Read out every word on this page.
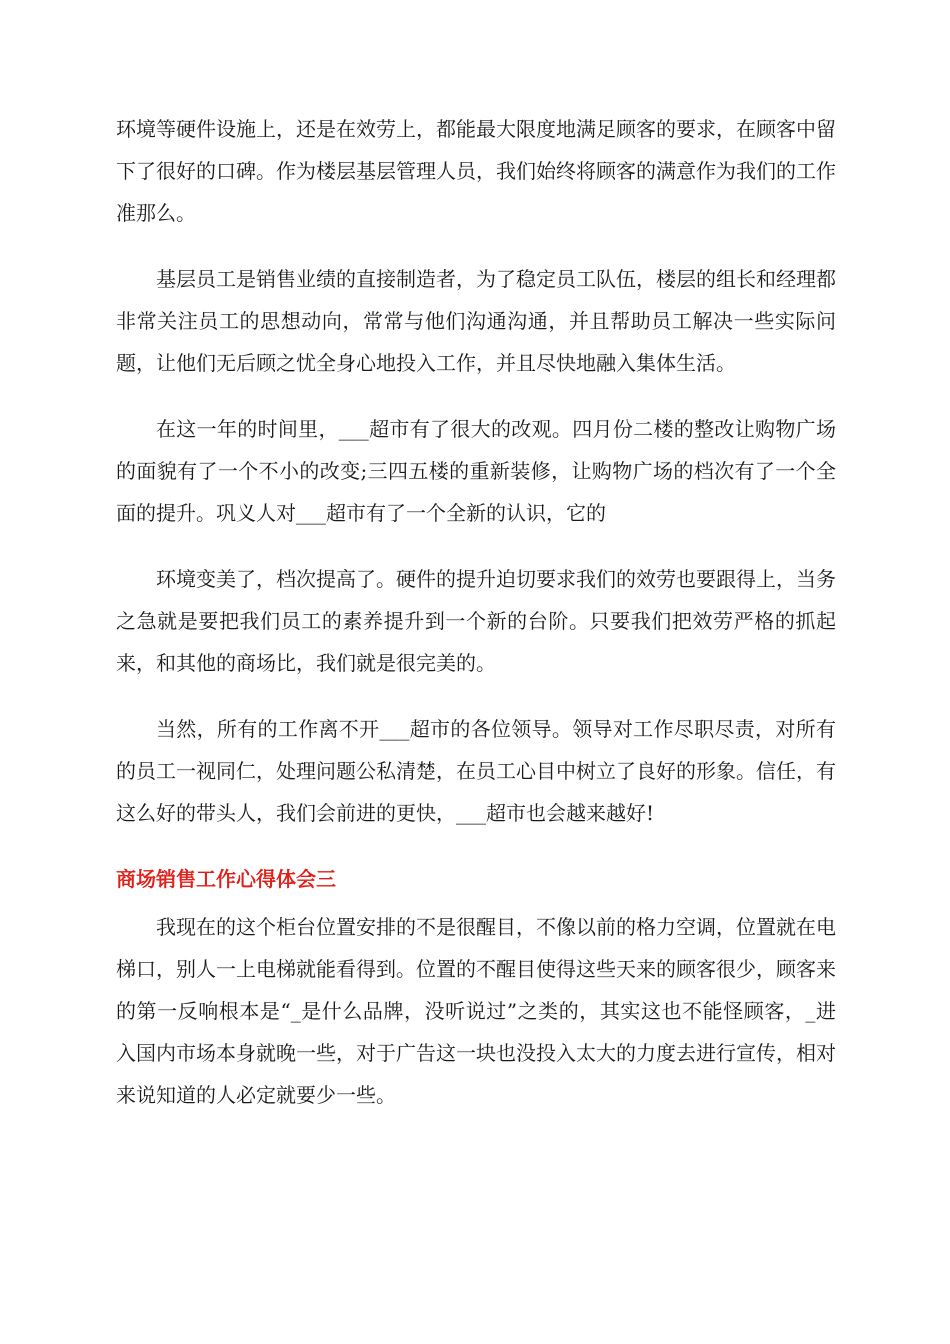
环境等硬件设施上，还是在效劳上，都能最大限度地满足顾客的要求，在顾客中留下了很好的口碑。作为楼层基层管理人员，我们始终将顾客的满意作为我们的工作准那么。

基层员工是销售业绩的直接制造者，为了稳定员工队伍，楼层的组长和经理都非常关注员工的思想动向，常常与他们沟通沟通，并且帮助员工解决一些实际问题，让他们无后顾之忧全身心地投入工作，并且尽快地融入集体生活。

在这一年的时间里，___超市有了很大的改观。四月份二楼的整改让购物广场的面貌有了一个不小的改变;三四五楼的重新装修，让购物广场的档次有了一个全面的提升。巩义人对___超市有了一个全新的认识，它的

环境变美了，档次提高了。硬件的提升迫切要求我们的效劳也要跟得上，当务之急就是要把我们员工的素养提升到一个新的台阶。只要我们把效劳严格的抓起来，和其他的商场比，我们就是很完美的。

当然，所有的工作离不开___超市的各位领导。领导对工作尽职尽责，对所有的员工一视同仁，处理问题公私清楚，在员工心目中树立了良好的形象。信任，有这么好的带头人，我们会前进的更快，___超市也会越来越好!

商场销售工作心得体会三

我现在的这个柜台位置安排的不是很醒目，不像以前的格力空调，位置就在电梯口，别人一上电梯就能看得到。位置的不醒目使得这些天来的顾客很少，顾客来的第一反响根本是“_是什么品牌，没听说过”之类的，其实这也不能怪顾客，_进入国内市场本身就晚一些，对于广告这一块也没投入太大的力度去进行宣传，相对来说知道的人必定就要少一些。
